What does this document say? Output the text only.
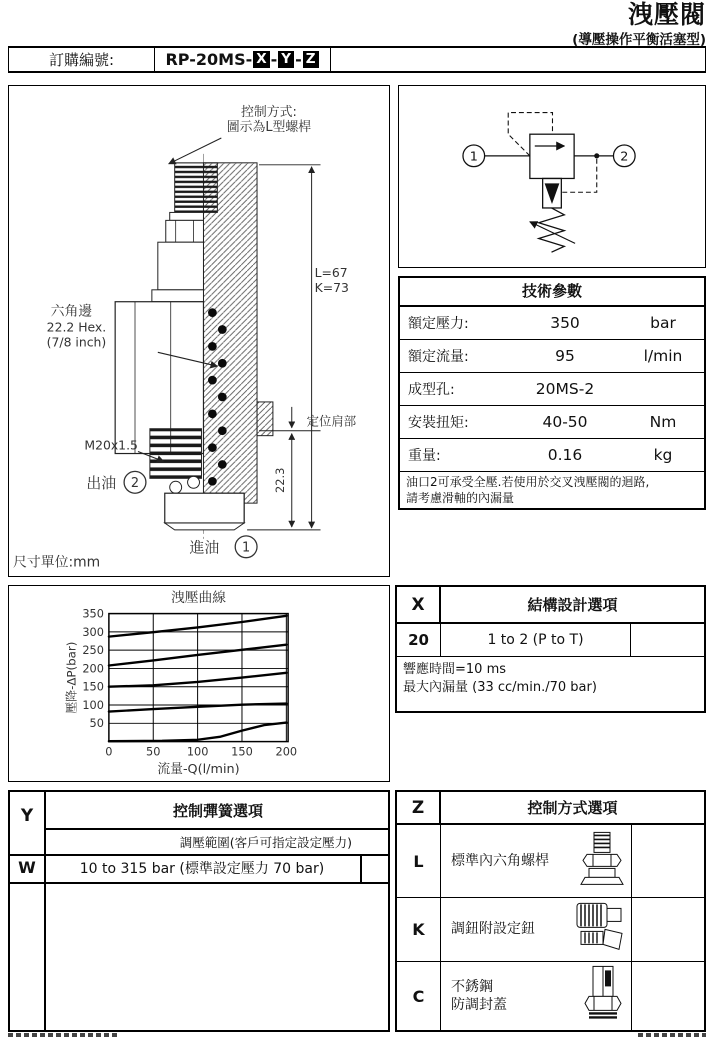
洩壓閥
(導壓操作平衡活塞型)
訂購編號:	RP-20MS- X - Y - Z
控制方式:
圖示為L型螺桿
六角邊
22.2 Hex.
(7/8 inch)
M20x1.5
出油 2
進油 1
L=67
K=73
22.3
定位肩部
尺寸單位:mm
1	2
技術參數
額定壓力:	350	bar
額定流量:	95	l/min
成型孔:	20MS-2
安裝扭矩:	40-50	Nm
重量:	0.16	kg
油口2可承受全壓.若使用於交叉洩壓閥的迴路,
請考慮滑軸的內漏量
洩壓曲線
流量-Q(l/min)
壓降-ΔP(bar)
0	50 100 150 200
50
100
150
200
250
300
350	X	結構設計選項
20	1 to 2 (P to T)
響應時間=10 ms
最大內漏量 (33 cc/min./70 bar)
Y	控制彈簧選項
調壓範圍(客戶可指定設定壓力)
W	10 to 315 bar (標準設定壓力 70 bar)
Z	控制方式選項
L	標準內六角螺桿
K	調鈕附設定鈕
C	不銹鋼
防調封蓋
